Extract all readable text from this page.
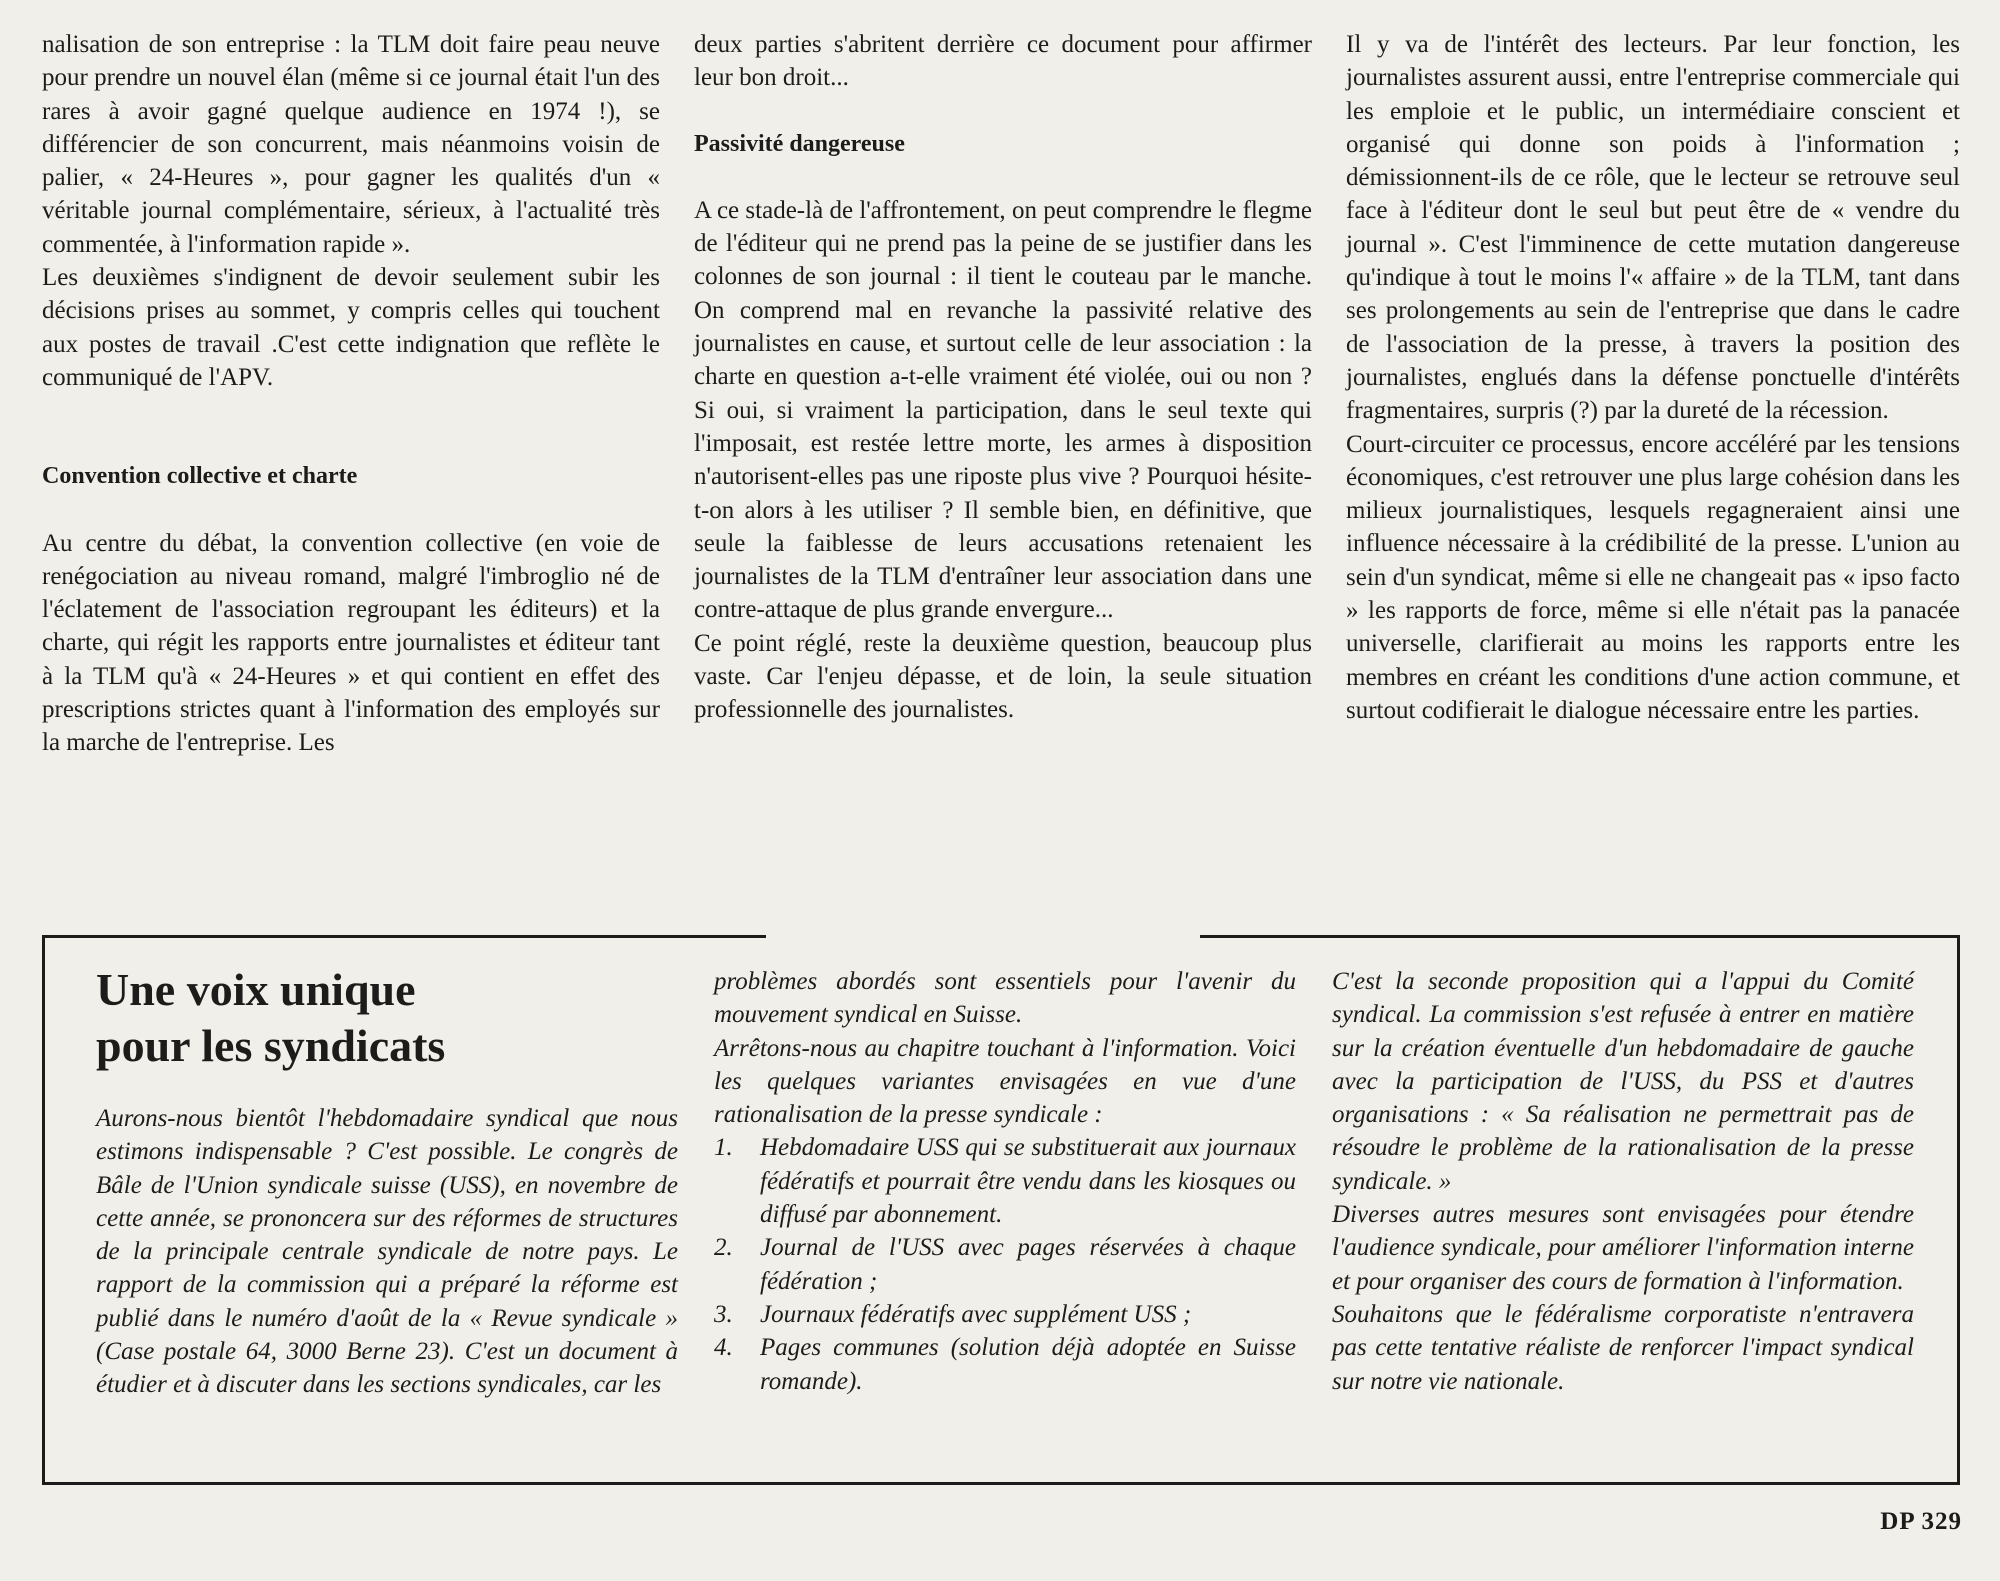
nalisation de son entreprise : la TLM doit faire peau neuve pour prendre un nouvel élan (même si ce journal était l'un des rares à avoir gagné quelque audience en 1974 !), se différencier de son concurrent, mais néanmoins voisin de palier, « 24-Heures », pour gagner les qualités d'un « véritable journal complémentaire, sérieux, à l'actualité très commentée, à l'information rapide ».

Les deuxièmes s'indignent de devoir seulement subir les décisions prises au sommet, y compris celles qui touchent aux postes de travail .C'est cette indignation que reflète le communiqué de l'APV.

Convention collective et charte

Au centre du débat, la convention collective (en voie de renégociation au niveau romand, malgré l'imbroglio né de l'éclatement de l'association regroupant les éditeurs) et la charte, qui régit les rapports entre journalistes et éditeur tant à la TLM qu'à « 24-Heures » et qui contient en effet des prescriptions strictes quant à l'information des employés sur la marche de l'entreprise. Les

deux parties s'abritent derrière ce document pour affirmer leur bon droit...

Passivité dangereuse

A ce stade-là de l'affrontement, on peut comprendre le flegme de l'éditeur qui ne prend pas la peine de se justifier dans les colonnes de son journal : il tient le couteau par le manche. On comprend mal en revanche la passivité relative des journalistes en cause, et surtout celle de leur association : la charte en question a-t-elle vraiment été violée, oui ou non ? Si oui, si vraiment la participation, dans le seul texte qui l'imposait, est restée lettre morte, les armes à disposition n'autorisent-elles pas une riposte plus vive ? Pourquoi hésite-t-on alors à les utiliser ? Il semble bien, en définitive, que seule la faiblesse de leurs accusations retenaient les journalistes de la TLM d'entraîner leur association dans une contre-attaque de plus grande envergure...

Ce point réglé, reste la deuxième question, beaucoup plus vaste. Car l'enjeu dépasse, et de loin, la seule situation professionnelle des journalistes.

Il y va de l'intérêt des lecteurs. Par leur fonction, les journalistes assurent aussi, entre l'entreprise commerciale qui les emploie et le public, un intermédiaire conscient et organisé qui donne son poids à l'information ; démissionnent-ils de ce rôle, que le lecteur se retrouve seul face à l'éditeur dont le seul but peut être de « vendre du journal ». C'est l'imminence de cette mutation dangereuse qu'indique à tout le moins l'« affaire » de la TLM, tant dans ses prolongements au sein de l'entreprise que dans le cadre de l'association de la presse, à travers la position des journalistes, englués dans la défense ponctuelle d'intérêts fragmentaires, surpris (?) par la dureté de la récession.

Court-circuiter ce processus, encore accéléré par les tensions économiques, c'est retrouver une plus large cohésion dans les milieux journalistiques, lesquels regagneraient ainsi une influence nécessaire à la crédibilité de la presse. L'union au sein d'un syndicat, même si elle ne changeait pas « ipso facto » les rapports de force, même si elle n'était pas la panacée universelle, clarifierait au moins les rapports entre les membres en créant les conditions d'une action commune, et surtout codifierait le dialogue nécessaire entre les parties.

Une voix unique
pour les syndicats

Aurons-nous bientôt l'hebdomadaire syndical que nous estimons indispensable ? C'est possible. Le congrès de Bâle de l'Union syndicale suisse (USS), en novembre de cette année, se prononcera sur des réformes de structures de la principale centrale syndicale de notre pays. Le rapport de la commission qui a préparé la réforme est publié dans le numéro d'août de la « Revue syndicale » (Case postale 64, 3000 Berne 23). C'est un document à étudier et à discuter dans les sections syndicales, car les

problèmes abordés sont essentiels pour l'avenir du mouvement syndical en Suisse.

Arrêtons-nous au chapitre touchant à l'information. Voici les quelques variantes envisagées en vue d'une rationalisation de la presse syndicale :

1. Hebdomadaire USS qui se substituerait aux journaux fédératifs et pourrait être vendu dans les kiosques ou diffusé par abonnement.
2. Journal de l'USS avec pages réservées à chaque fédération ;
3. Journaux fédératifs avec supplément USS ;
4. Pages communes (solution déjà adoptée en Suisse romande).

C'est la seconde proposition qui a l'appui du Comité syndical. La commission s'est refusée à entrer en matière sur la création éventuelle d'un hebdomadaire de gauche avec la participation de l'USS, du PSS et d'autres organisations : « Sa réalisation ne permettrait pas de résoudre le problème de la rationalisation de la presse syndicale. »

Diverses autres mesures sont envisagées pour étendre l'audience syndicale, pour améliorer l'information interne et pour organiser des cours de formation à l'information.

Souhaitons que le fédéralisme corporatiste n'entravera pas cette tentative réaliste de renforcer l'impact syndical sur notre vie nationale.

DP 329
